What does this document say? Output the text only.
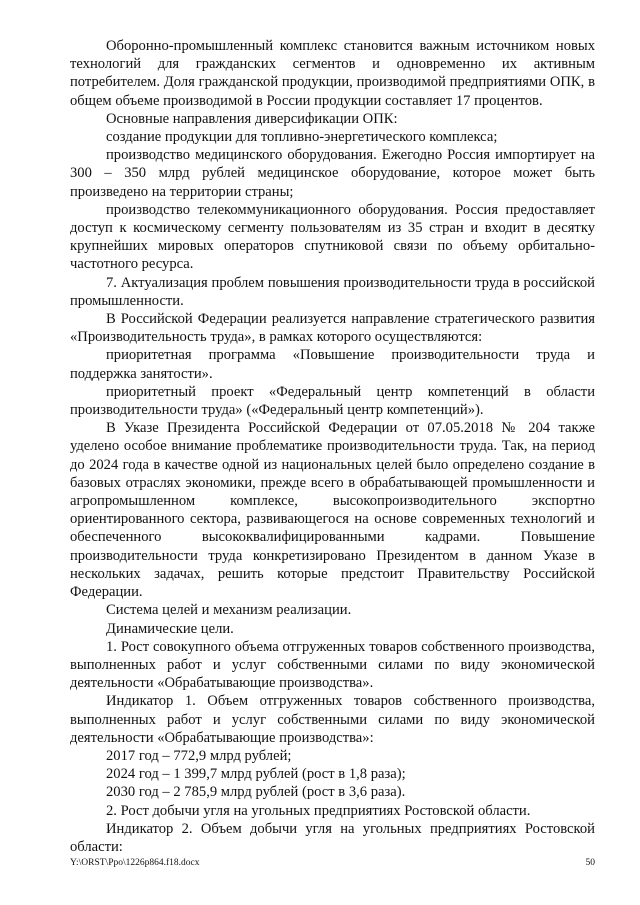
Оборонно-промышленный комплекс становится важным источником новых технологий для гражданских сегментов и одновременно их активным потребителем. Доля гражданской продукции, производимой предприятиями ОПК, в общем объеме производимой в России продукции составляет 17 процентов.

Основные направления диверсификации ОПК:

создание продукции для топливно-энергетического комплекса;

производство медицинского оборудования. Ежегодно Россия импортирует на 300 – 350 млрд рублей медицинское оборудование, которое может быть произведено на территории страны;

производство телекоммуникационного оборудования. Россия предоставляет доступ к космическому сегменту пользователям из 35 стран и входит в десятку крупнейших мировых операторов спутниковой связи по объему орбитально-частотного ресурса.

7. Актуализация проблем повышения производительности труда в российской промышленности.

В Российской Федерации реализуется направление стратегического развития «Производительность труда», в рамках которого осуществляются:

приоритетная программа «Повышение производительности труда и поддержка занятости».

приоритетный проект «Федеральный центр компетенций в области производительности труда» («Федеральный центр компетенций»).

В Указе Президента Российской Федерации от 07.05.2018 № 204 также уделено особое внимание проблематике производительности труда. Так, на период до 2024 года в качестве одной из национальных целей было определено создание в базовых отраслях экономики, прежде всего в обрабатывающей промышленности и агропромышленном комплексе, высокопроизводительного экспортно ориентированного сектора, развивающегося на основе современных технологий и обеспеченного высококвалифицированными кадрами. Повышение производительности труда конкретизировано Президентом в данном Указе в нескольких задачах, решить которые предстоит Правительству Российской Федерации.

Система целей и механизм реализации.

Динамические цели.

1. Рост совокупного объема отгруженных товаров собственного производства, выполненных работ и услуг собственными силами по виду экономической деятельности «Обрабатывающие производства».

Индикатор 1. Объем отгруженных товаров собственного производства, выполненных работ и услуг собственными силами по виду экономической деятельности «Обрабатывающие производства»:

2017 год – 772,9 млрд рублей;

2024 год – 1 399,7 млрд рублей (рост в 1,8 раза);

2030 год – 2 785,9 млрд рублей (рост в 3,6 раза).

2. Рост добычи угля на угольных предприятиях Ростовской области.

Индикатор 2. Объем добычи угля на угольных предприятиях Ростовской области:

Y:\ORST\Ppo\1226p864.f18.docx	50
